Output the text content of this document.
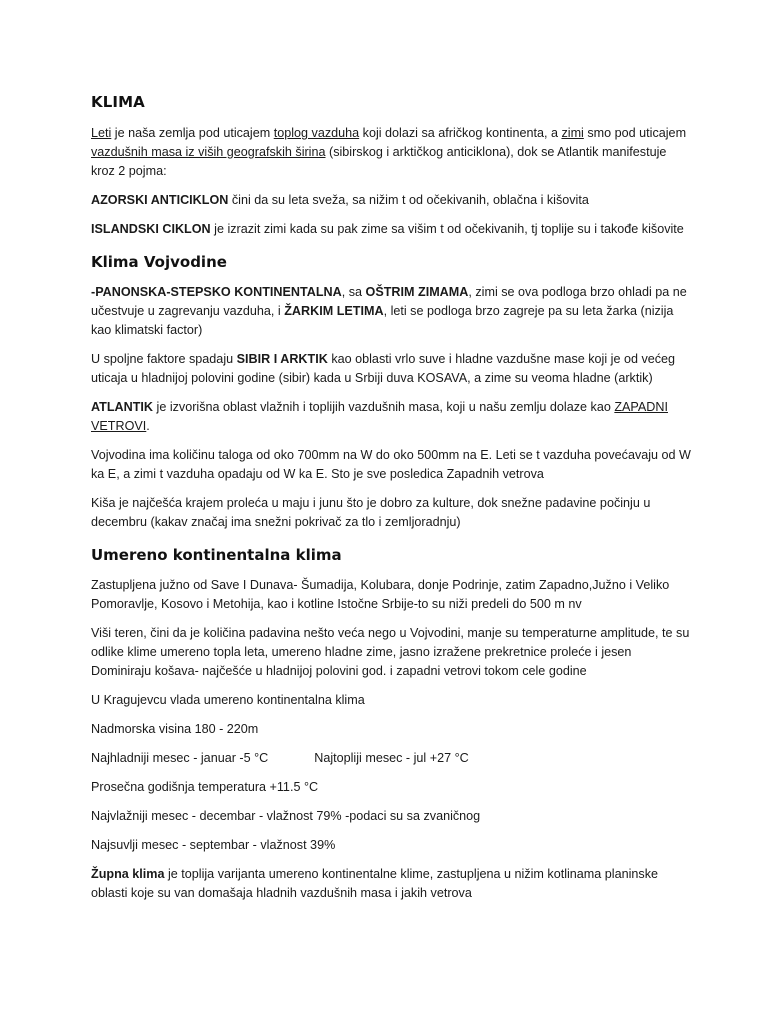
KLIMA

Leti je naša zemlja pod uticajem toplog vazduha koji dolazi sa afričkog kontinenta, a zimi smo pod uticajem vazdušnih masa iz viših geografskih širina (sibirskog i arktičkog anticiklona), dok se Atlantik manifestuje kroz 2 pojma:

AZORSKI ANTICIKLON čini da su leta sveža, sa nižim t od očekivanih, oblačna i kišovita

ISLANDSKI CIKLON je izrazit zimi kada su pak zime sa višim t od očekivanih, tj toplije su i takođe kišovite

Klima Vojvodine

-PANONSKA-STEPSKO KONTINENTALNA, sa OŠTRIM ZIMAMA, zimi se ova podloga brzo ohladi pa ne učestvuje u zagrevanju vazduha, i ŽARKIM LETIMA, leti se podloga brzo zagreje pa su leta žarka (nizija kao klimatski factor)

U spoljne faktore spadaju SIBIR I ARKTIK kao oblasti vrlo suve i hladne vazdušne mase koji je od većeg uticaja u hladnijoj polovini godine (sibir) kada u Srbiji duva KOSAVA, a zime su veoma hladne (arktik)

ATLANTIK je izvorišna oblast vlažnih i toplijih vazdušnih masa, koji u našu zemlju dolaze kao ZAPADNI VETROVI.

Vojvodina ima količinu taloga od oko 700mm na W do oko 500mm na E. Leti se t vazduha povećavaju od W ka E, a zimi t vazduha opadaju od W ka E. Sto je sve posledica Zapadnih vetrova

Kiša je najčešća krajem proleća u maju i junu što je dobro za kulture, dok snežne padavine počinju u decembru (kakav značaj ima snežni pokrivač za tlo i zemljoradnju)

Umereno kontinentalna klima

Zastupljena južno od Save I Dunava- Šumadija, Kolubara, donje Podrinje, zatim Zapadno,Južno i Veliko Pomoravlje, Kosovo i Metohija, kao i kotline Istočne Srbije-to su niži predeli do 500 m nv

Viši teren, čini da je količina padavina nešto veća nego u Vojvodini, manje su temperaturne amplitude, te su odlike klime umereno topla leta, umereno hladne zime, jasno izražene prekretnice proleće i jesen Dominiraju košava- najčešće u hladnijoj polovini god. i zapadni vetrovi tokom cele godine

U Kragujevcu vlada umereno kontinentalna klima

Nadmorska visina 180 - 220m

Najhladniji mesec - januar -5 °C	Najtopliji mesec - jul +27 °C

Prosečna godišnja temperatura +11.5 °C

Najvlažniji mesec - decembar - vlažnost 79% -podaci su sa zvaničnog

Najsuvlji mesec - septembar - vlažnost 39%

Župna klima je toplija varijanta umereno kontinentalne klime, zastupljena u nižim kotlinama planinske oblasti koje su van domašaja hladnih vazdušnih masa i jakih vetrova
